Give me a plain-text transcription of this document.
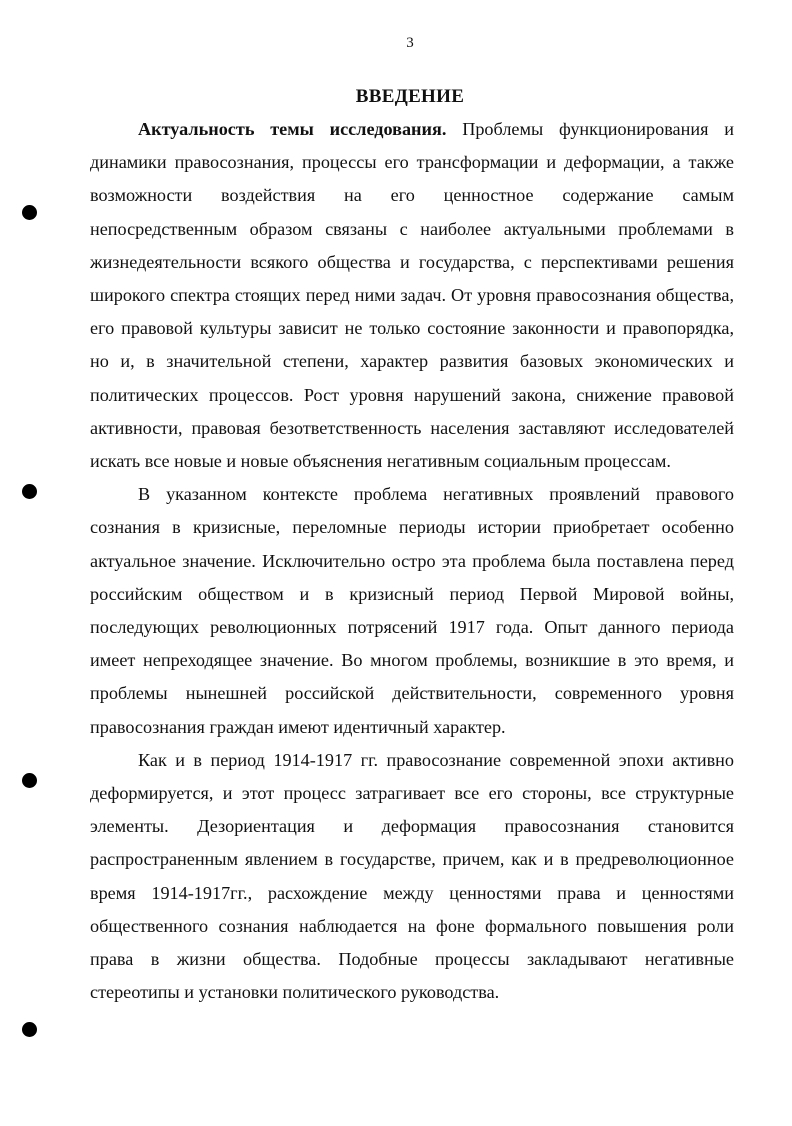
3
ВВЕДЕНИЕ

Актуальность темы исследования. Проблемы функционирования и динамики правосознания, процессы его трансформации и деформации, а также возможности воздействия на его ценностное содержание самым непосредственным образом связаны с наиболее актуальными проблемами в жизнедеятельности всякого общества и государства, с перспективами решения широкого спектра стоящих перед ними задач. От уровня правосознания общества, его правовой культуры зависит не только состояние законности и правопорядка, но и, в значительной степени, характер развития базовых экономических и политических процессов. Рост уровня нарушений закона, снижение правовой активности, правовая безответственность населения заставляют исследователей искать все новые и новые объяснения негативным социальным процессам.

В указанном контексте проблема негативных проявлений правового сознания в кризисные, переломные периоды истории приобретает особенно актуальное значение. Исключительно остро эта проблема была поставлена перед российским обществом и в кризисный период Первой Мировой войны, последующих революционных потрясений 1917 года. Опыт данного периода имеет непреходящее значение. Во многом проблемы, возникшие в это время, и проблемы нынешней российской действительности, современного уровня правосознания граждан имеют идентичный характер.

Как и в период 1914-1917 гг. правосознание современной эпохи активно деформируется, и этот процесс затрагивает все его стороны, все структурные элементы. Дезориентация и деформация правосознания становится распространенным явлением в государстве, причем, как и в предреволюционное время 1914-1917гг., расхождение между ценностями права и ценностями общественного сознания наблюдается на фоне формального повышения роли права в жизни общества. Подобные процессы закладывают негативные стереотипы и установки политического руководства.
